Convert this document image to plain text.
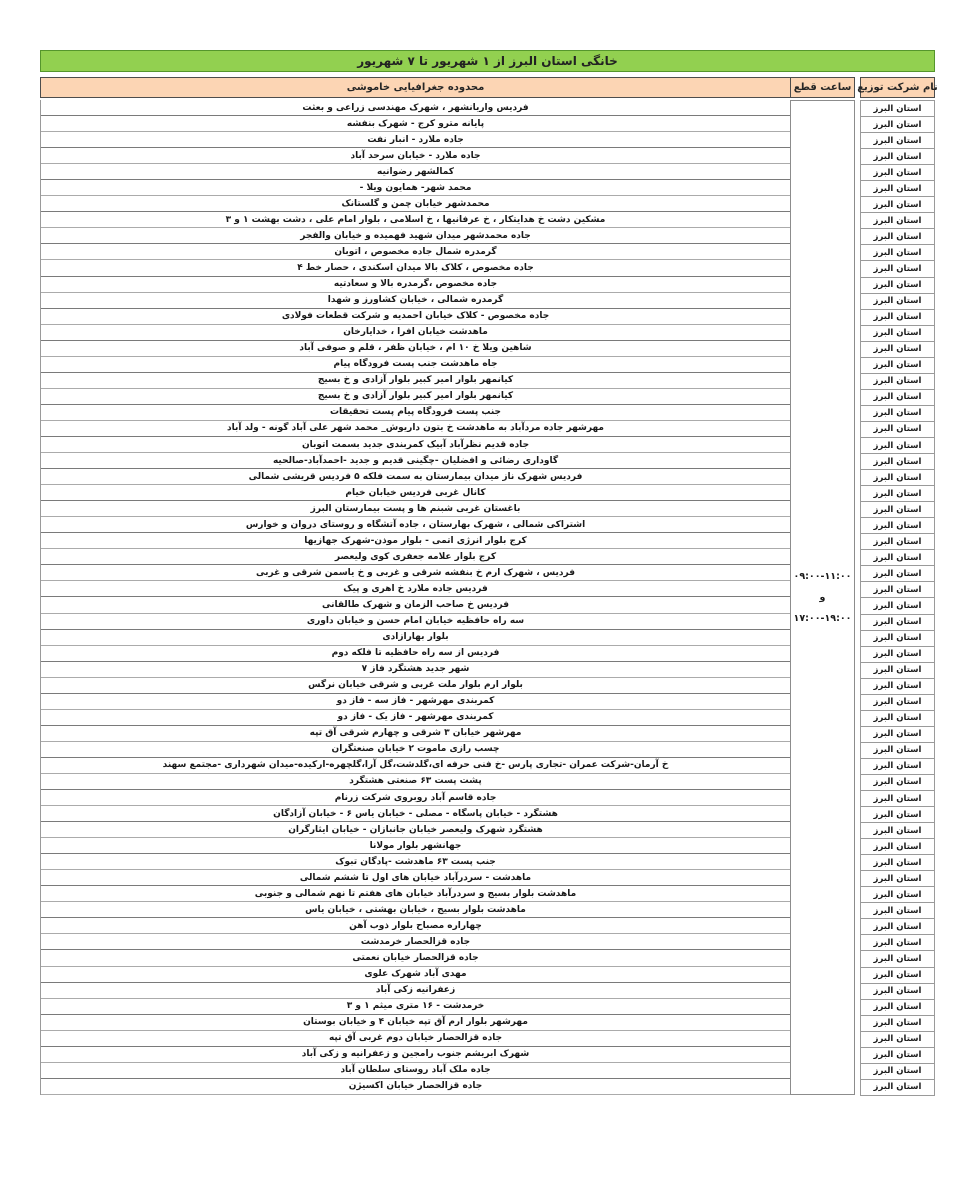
خانگی استان البرز از ۱ شهریور تا ۷ شهریور
نام شرکت توزیع
استان البرز
استان البرز
استان البرز
استان البرز
استان البرز
استان البرز
استان البرز
استان البرز
استان البرز
استان البرز
استان البرز
استان البرز
استان البرز
استان البرز
استان البرز
استان البرز
استان البرز
استان البرز
استان البرز
استان البرز
استان البرز
استان البرز
استان البرز
استان البرز
استان البرز
استان البرز
استان البرز
استان البرز
استان البرز
استان البرز
استان البرز
استان البرز
استان البرز
استان البرز
استان البرز
استان البرز
استان البرز
استان البرز
استان البرز
استان البرز
استان البرز
استان البرز
استان البرز
استان البرز
استان البرز
استان البرز
استان البرز
استان البرز
استان البرز
استان البرز
استان البرز
استان البرز
استان البرز
استان البرز
استان البرز
استان البرز
استان البرز
استان البرز
استان البرز
استان البرز
استان البرز
استان البرز
ساعت قطع
محدوده جغرافیایی خاموشی
۰۹:۰۰-۱۱:۰۰
و
۱۷:۰۰-۱۹:۰۰
فردیس واریانشهر ، شهرک مهندسی زراعی و بعثت
پایانه مترو کرج - شهرک بنفشه
جاده ملارد - انبار نفت
جاده ملارد - خیابان سرحد آباد
کمالشهر رضوانیه
محمد شهر- همایون ویلا -
محمدشهر خیابان چمن و گلستانک
مشکین دشت خ هدایتکار ، خ عرفانیها ، خ اسلامی ، بلوار امام علی ، دشت بهشت ۱ و ۳
جاده محمدشهر میدان شهید فهمیده و خیابان والفجر
گرمدره شمال جاده مخصوص ، اتوبان
جاده مخصوص ، کلاک بالا میدان اسکندی ، حصار خط ۴
جاده مخصوص ،گرمدره بالا و سعادتیه
گرمدره شمالی ، خیابان کشاورز و شهدا
جاده مخصوص - کلاک خیابان احمدیه و شرکت قطعات فولادی
ماهدشت خیابان افرا ، خدایارخان
شاهین ویلا خ ۱۰ ام ، خیابان ظفر ، قلم و صوفی آباد
جاه ماهدشت جنب پست فرودگاه پیام
کیانمهر بلوار امیر کبیر بلوار آزادی و خ بسیج
کیانمهر بلوار امیر کبیر بلوار آزادی و خ بسیج
جنب پست فرودگاه پیام پست تحقیقات
مهرشهر جاده مردآباد به ماهدشت خ بتون داریوش_ محمد شهر علی آباد گونه - ولد آباد
جاده قدیم نظرآباد آبیک کمربندی جدید بسمت اتوبان
گاوداری رضائی و افضلیان -چگینی قدیم و جدید -احمدآباد-صالحیه
فردیس شهرک ناز میدان بیمارستان به سمت فلکه ۵ فردیس قریشی شمالی
کانال غربی فردیس خیابان خیام
باغستان غربی شبنم ها و پست بیمارستان البرز
اشتراکی شمالی ، شهرک بهارستان ، جاده آتشگاه و روستای دروان و خوارس
کرج بلوار انرژی اتمی - بلوار موذن-شهرک جهازیها
کرج بلوار علامه جعفری کوی ولیعصر
فردیس ، شهرک ارم خ بنفشه شرقی و غربی و خ یاسمن شرقی و غربی
فردیس جاده ملارد خ اهری و پیک
فردیس خ صاحب الزمان و شهرک طالقانی
سه راه حافظیه خیابان امام حسن و خیابان داوری
بلوار بهارازادی
فردیس از سه راه حافظیه تا فلکه دوم
شهر جدید هشتگرد فاز ۷
بلوار ارم بلوار ملت غربی و شرقی خیابان نرگس
کمربندی مهرشهر - فاز سه - فاز دو
کمربندی مهرشهر - فاز یک - فاز دو
مهرشهر خیابان ۳ شرقی و چهارم شرقی آق تپه
چسب رازی ماموت ۲ خیابان صنعتگران
خ آرمان-شرکت عمران -تجاری پارس -خ فنی حرفه ای،گلدشت،گل آرا،گلچهره-ارکیده-میدان شهرداری -مجتمع سهند
پشت پست ۶۳ صنعتی هشتگرد
جاده قاسم آباد روبروی شرکت زرنام
هشتگرد - خیابان پاسگاه - مصلی - خیابان یاس ۶ - خیابان آزادگان
هشتگرد شهرک ولیعصر خیابان جانبازان - خیابان ایثارگران
جهانشهر بلوار مولانا
جنب پست ۶۳ ماهدشت -پادگان تبوک
ماهدشت - سردرآباد خیابان های اول تا ششم شمالی
ماهدشت بلوار بسیج و سردرآباد خیابان های هفتم تا نهم شمالی و جنوبی
ماهدشت بلوار بسیج ، خیابان بهشتی ، خیابان یاس
چهاراره مصباح بلوار ذوب آهن
جاده قزالحصار خرمدشت
جاده قزالحصار خیابان نعمتی
مهدی آباد شهرک علوی
زعفرانیه زکی آباد
خرمدشت - ۱۶ متری میثم ۱ و ۳
مهرشهر بلوار ارم آق تپه خیابان ۴ و خیابان بوستان
جاده قزالحصار خیابان دوم غربی آق تپه
شهرک ابریشم جنوب رامجین و زعفرانیه و زکی آباد
جاده ملک آباد روستای سلطان آباد
جاده قزالحصار خیابان اکسیژن
